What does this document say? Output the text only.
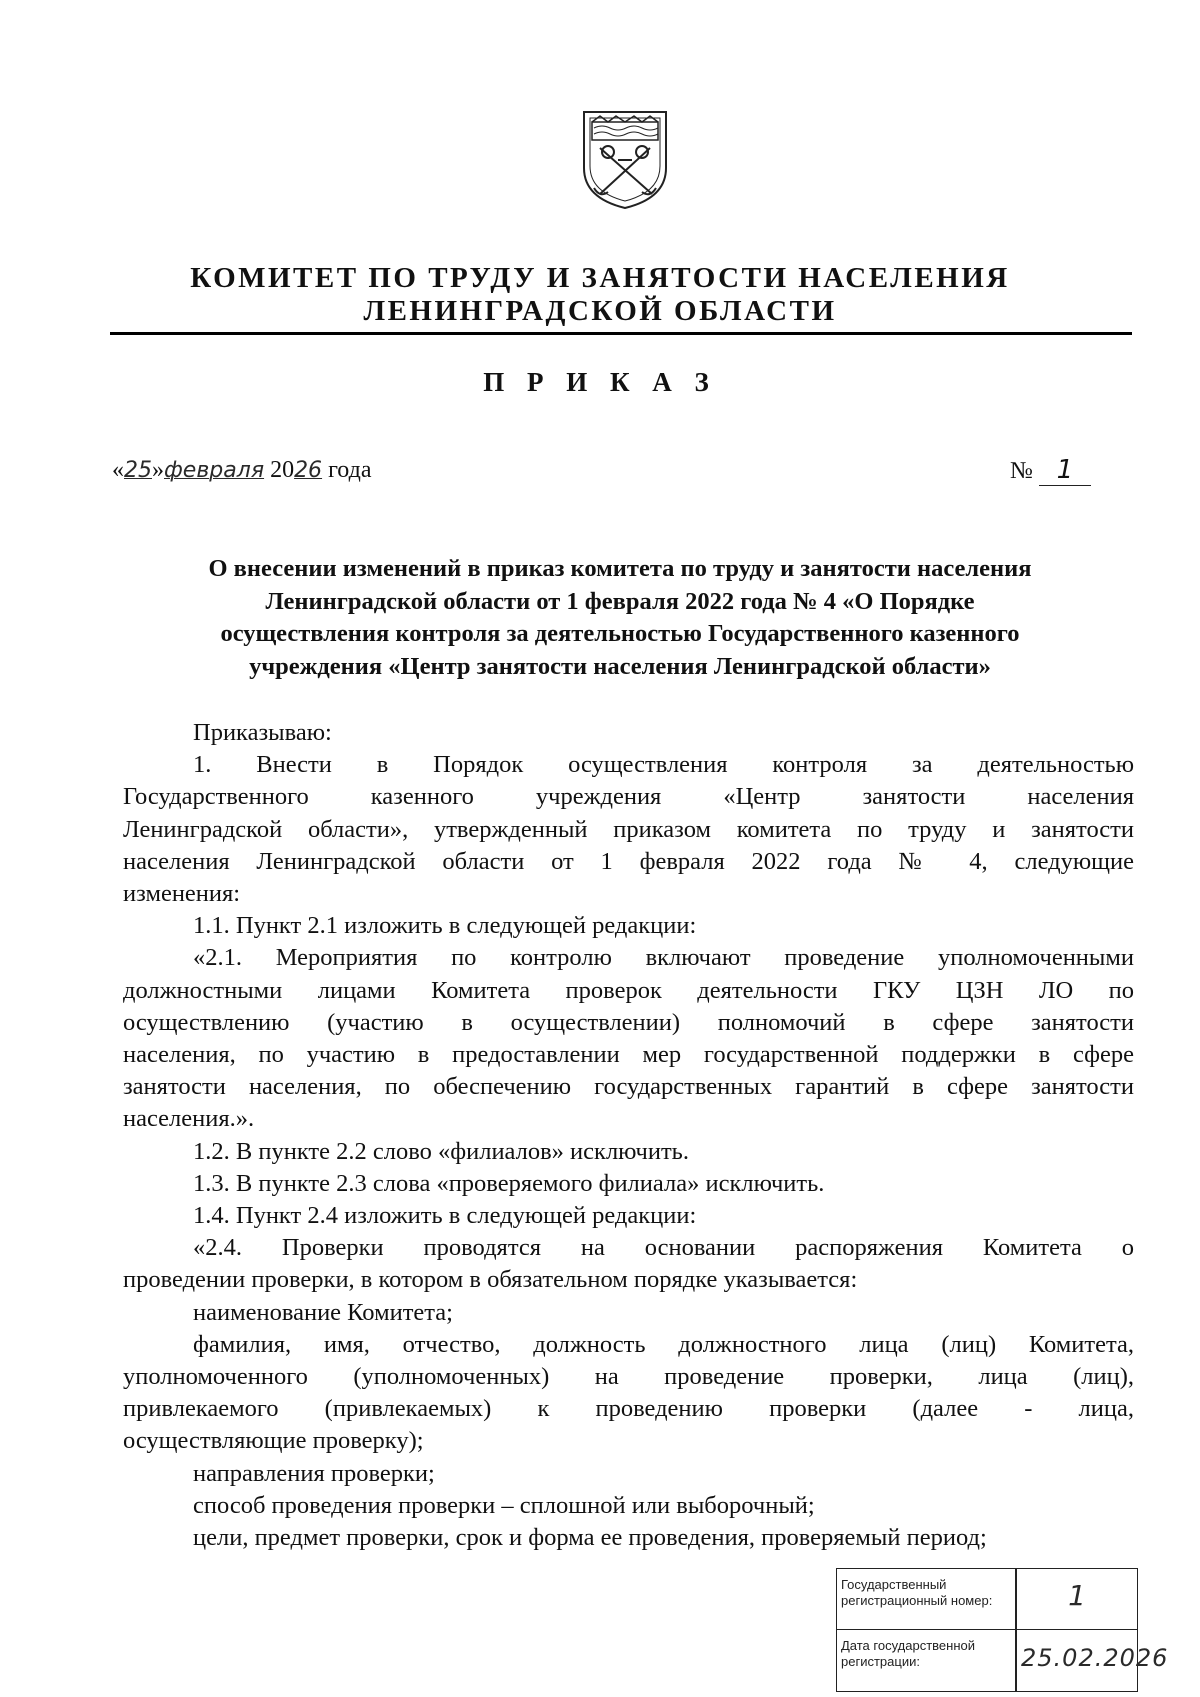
КОМИТЕТ ПО ТРУДУ И ЗАНЯТОСТИ НАСЕЛЕНИЯ
ЛЕНИНГРАДСКОЙ ОБЛАСТИ
П Р И К А З
«25»февраля 2026 года	№ 1
О внесении изменений в приказ комитета по труду и занятости населения
Ленинградской области от 1 февраля 2022 года № 4 «О Порядке
осуществления контроля за деятельностью Государственного казенного
учреждения «Центр занятости населения Ленинградской области»
Приказываю:
1. Внести в Порядок осуществления контроля за деятельностью
Государственного казенного учреждения «Центр занятости населения
Ленинградской области», утвержденный приказом комитета по труду и занятости
населения Ленинградской области от 1 февраля 2022 года № 4, следующие
изменения:
1.1. Пункт 2.1 изложить в следующей редакции:
«2.1. Мероприятия по контролю включают проведение уполномоченными
должностными лицами Комитета проверок деятельности ГКУ ЦЗН ЛО по
осуществлению (участию в осуществлении) полномочий в сфере занятости
населения, по участию в предоставлении мер государственной поддержки в сфере
занятости населения, по обеспечению государственных гарантий в сфере занятости
населения.».
1.2. В пункте 2.2 слово «филиалов» исключить.
1.3. В пункте 2.3 слова «проверяемого филиала» исключить.
1.4. Пункт 2.4 изложить в следующей редакции:
«2.4. Проверки проводятся на основании распоряжения Комитета о
проведении проверки, в котором в обязательном порядке указывается:
наименование Комитета;
фамилия, имя, отчество, должность должностного лица (лиц) Комитета,
уполномоченного (уполномоченных) на проведение проверки, лица (лиц),
привлекаемого (привлекаемых) к проведению проверки (далее - лица,
осуществляющие проверку);
направления проверки;
способ проведения проверки – сплошной или выборочный;
цели, предмет проверки, срок и форма ее проведения, проверяемый период;
Государственный регистрационный номер:	1
Дата государственной регистрации:	25.02.2026
